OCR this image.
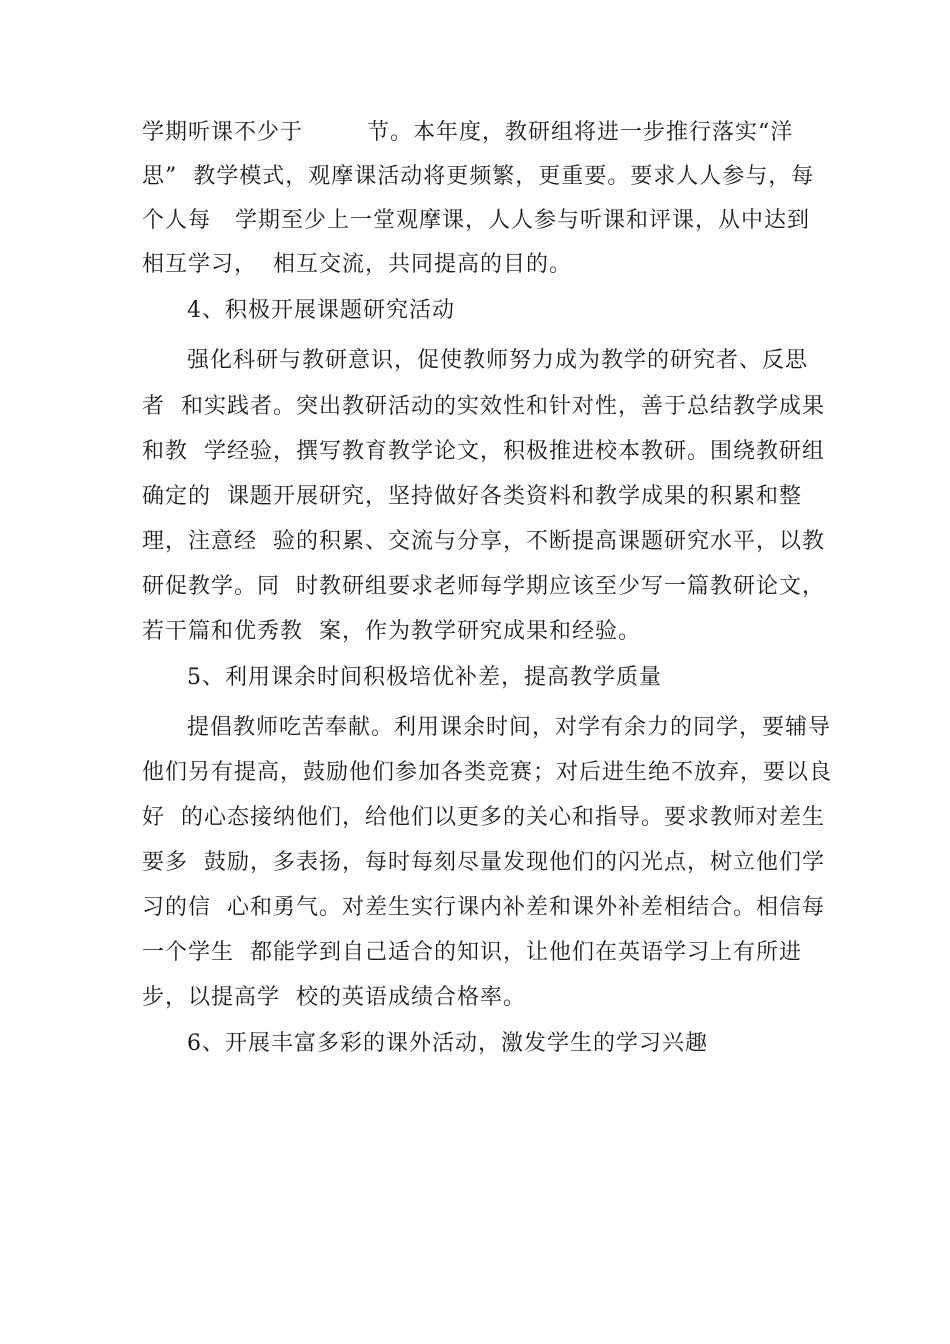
学期听课不少于        节。本年度，教研组将进一步推行落实“洋
思”  教学模式，观摩课活动将更频繁，更重要。要求人人参与，每
个人每   学期至少上一堂观摩课，人人参与听课和评课，从中达到
相互学习，  相互交流，共同提高的目的。
4、积极开展课题研究活动
强化科研与教研意识，促使教师努力成为教学的研究者、反思
者  和实践者。突出教研活动的实效性和针对性，善于总结教学成果
和教  学经验，撰写教育教学论文，积极推进校本教研。围绕教研组
确定的  课题开展研究，坚持做好各类资料和教学成果的积累和整
理，注意经  验的积累、交流与分享，不断提高课题研究水平，以教
研促教学。同  时教研组要求老师每学期应该至少写一篇教研论文，
若干篇和优秀教  案，作为教学研究成果和经验。
5、利用课余时间积极培优补差，提高教学质量
提倡教师吃苦奉献。利用课余时间，对学有余力的同学，要辅导
他们另有提高，鼓励他们参加各类竞赛；对后进生绝不放弃，要以良
好  的心态接纳他们，给他们以更多的关心和指导。要求教师对差生
要多  鼓励，多表扬，每时每刻尽量发现他们的闪光点，树立他们学
习的信  心和勇气。对差生实行课内补差和课外补差相结合。相信每
一个学生  都能学到自己适合的知识，让他们在英语学习上有所进
步，以提高学  校的英语成绩合格率。
6、开展丰富多彩的课外活动，激发学生的学习兴趣
